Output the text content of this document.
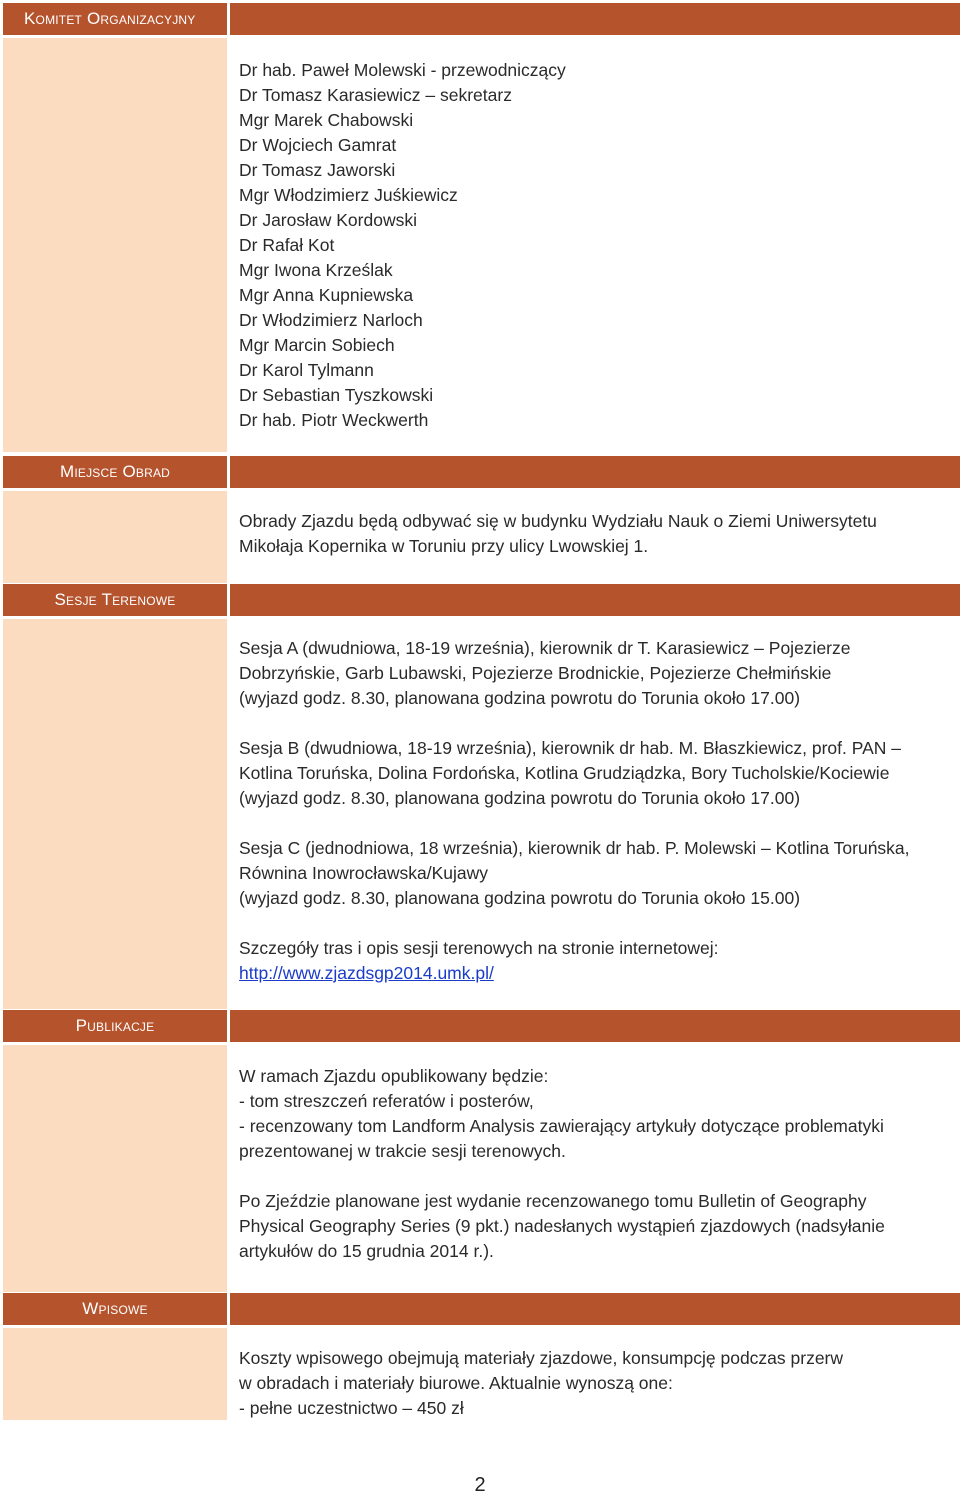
Komitet Organizacyjny
Dr hab. Paweł Molewski - przewodniczący
Dr Tomasz Karasiewicz – sekretarz
Mgr Marek Chabowski
Dr Wojciech Gamrat
Dr Tomasz Jaworski
Mgr Włodzimierz Juśkiewicz
Dr Jarosław Kordowski
Dr Rafał Kot
Mgr Iwona Krześlak
Mgr Anna Kupniewska
Dr Włodzimierz Narloch
Mgr Marcin Sobiech
Dr Karol Tylmann
Dr Sebastian Tyszkowski
Dr hab. Piotr Weckwerth
Miejsce Obrad
Obrady Zjazdu będą odbywać się w budynku Wydziału Nauk o Ziemi Uniwersytetu
Mikołaja Kopernika w Toruniu przy ulicy Lwowskiej 1.
Sesje Terenowe
Sesja A (dwudniowa, 18-19 września), kierownik dr T. Karasiewicz – Pojezierze
Dobrzyńskie, Garb Lubawski, Pojezierze Brodnickie, Pojezierze Chełmińskie
(wyjazd godz. 8.30, planowana godzina powrotu do Torunia około 17.00)
Sesja B (dwudniowa, 18-19 września), kierownik dr hab. M. Błaszkiewicz, prof. PAN –
Kotlina Toruńska, Dolina Fordońska, Kotlina Grudziądzka, Bory Tucholskie/Kociewie
(wyjazd godz. 8.30, planowana godzina powrotu do Torunia około 17.00)
Sesja C (jednodniowa, 18 września), kierownik dr hab. P. Molewski – Kotlina Toruńska,
Równina Inowrocławska/Kujawy
(wyjazd godz. 8.30, planowana godzina powrotu do Torunia około 15.00)
Szczegóły tras i opis sesji terenowych na stronie internetowej:
http://www.zjazdsgp2014.umk.pl/
Publikacje
W ramach Zjazdu opublikowany będzie:
- tom streszczeń referatów i posterów,
- recenzowany tom Landform Analysis zawierający artykuły dotyczące problematyki
prezentowanej w trakcie sesji terenowych.
Po Zjeździe planowane jest wydanie recenzowanego tomu Bulletin of Geography
Physical Geography Series (9 pkt.) nadesłanych wystąpień zjazdowych (nadsyłanie
artykułów do 15 grudnia 2014 r.).
Wpisowe
Koszty wpisowego obejmują materiały zjazdowe, konsumpcję podczas przerw
w obradach i materiały biurowe. Aktualnie wynoszą one:
- pełne uczestnictwo – 450 zł
2
